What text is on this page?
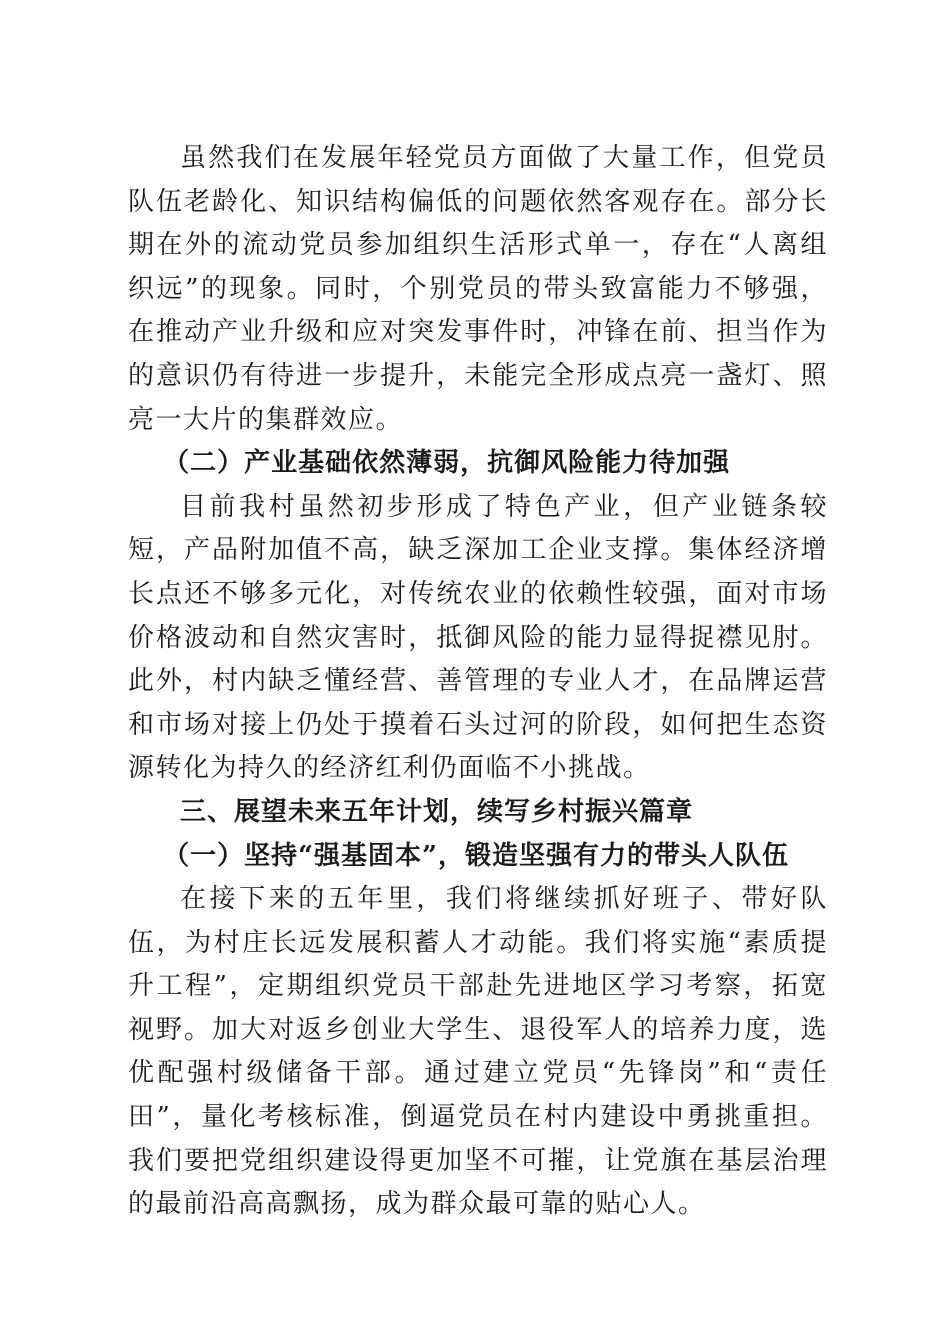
虽然我们在发展年轻党员方面做了大量工作，但党员队伍老龄化、知识结构偏低的问题依然客观存在。部分长期在外的流动党员参加组织生活形式单一，存在“人离组织远”的现象。同时，个别党员的带头致富能力不够强，在推动产业升级和应对突发事件时，冲锋在前、担当作为的意识仍有待进一步提升，未能完全形成点亮一盏灯、照亮一大片的集群效应。

（二）产业基础依然薄弱，抗御风险能力待加强

目前我村虽然初步形成了特色产业，但产业链条较短，产品附加值不高，缺乏深加工企业支撑。集体经济增长点还不够多元化，对传统农业的依赖性较强，面对市场价格波动和自然灾害时，抵御风险的能力显得捉襟见肘。此外，村内缺乏懂经营、善管理的专业人才，在品牌运营和市场对接上仍处于摸着石头过河的阶段，如何把生态资源转化为持久的经济红利仍面临不小挑战。

三、展望未来五年计划，续写乡村振兴篇章

（一）坚持“强基固本”，锻造坚强有力的带头人队伍

在接下来的五年里，我们将继续抓好班子、带好队伍，为村庄长远发展积蓄人才动能。我们将实施“素质提升工程”，定期组织党员干部赴先进地区学习考察，拓宽视野。加大对返乡创业大学生、退役军人的培养力度，选优配强村级储备干部。通过建立党员“先锋岗”和“责任田”，量化考核标准，倒逼党员在村内建设中勇挑重担。我们要把党组织建设得更加坚不可摧，让党旗在基层治理的最前沿高高飘扬，成为群众最可靠的贴心人。
